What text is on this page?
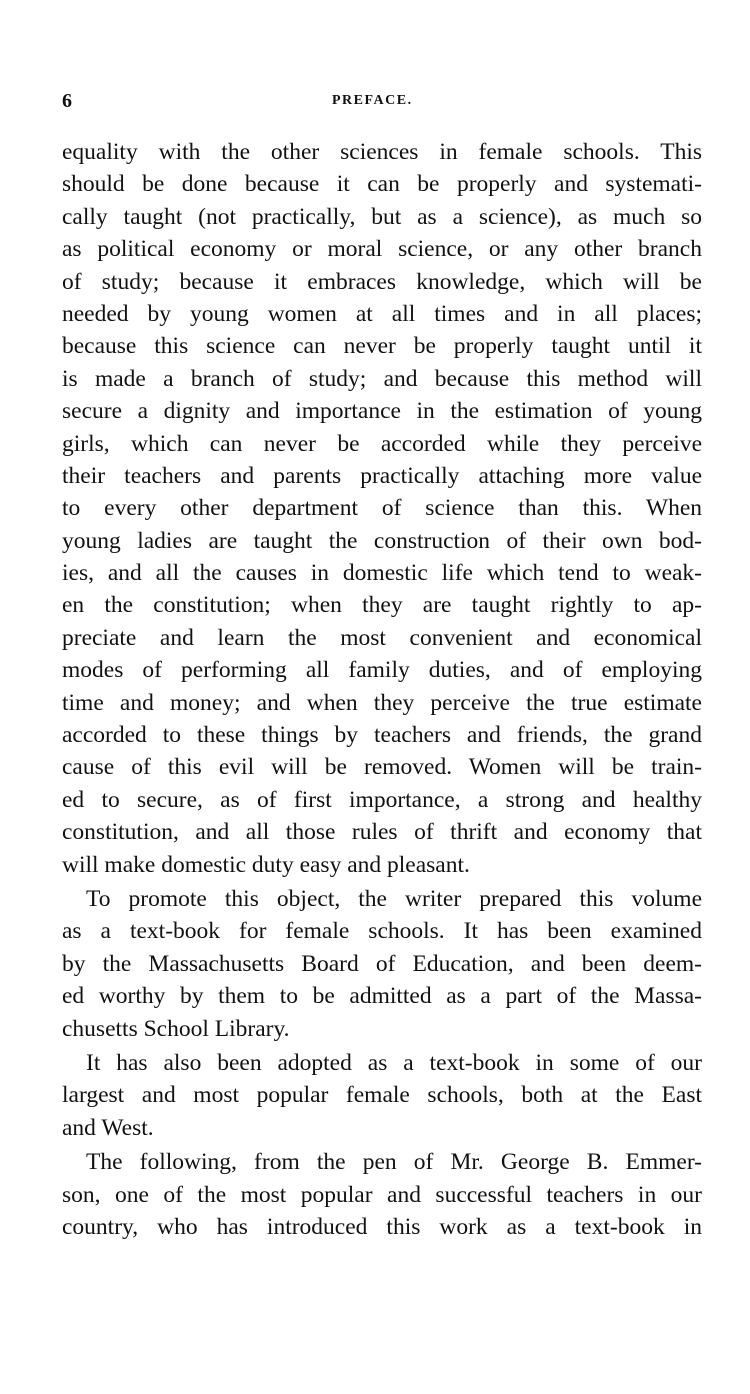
6	PREFACE.
equality with the other sciences in female schools. This
should be done because it can be properly and systemati-
cally taught (not practically, but as a science), as much so
as political economy or moral science, or any other branch
of study; because it embraces knowledge, which will be
needed by young women at all times and in all places;
because this science can never be properly taught until it
is made a branch of study; and because this method will
secure a dignity and importance in the estimation of young
girls, which can never be accorded while they perceive
their teachers and parents practically attaching more value
to every other department of science than this. When
young ladies are taught the construction of their own bod-
ies, and all the causes in domestic life which tend to weak-
en the constitution; when they are taught rightly to ap-
preciate and learn the most convenient and economical
modes of performing all family duties, and of employing
time and money; and when they perceive the true estimate
accorded to these things by teachers and friends, the grand
cause of this evil will be removed. Women will be train-
ed to secure, as of first importance, a strong and healthy
constitution, and all those rules of thrift and economy that
will make domestic duty easy and pleasant.
To promote this object, the writer prepared this volume
as a text-book for female schools. It has been examined
by the Massachusetts Board of Education, and been deem-
ed worthy by them to be admitted as a part of the Massa-
chusetts School Library.
It has also been adopted as a text-book in some of our
largest and most popular female schools, both at the East
and West.
The following, from the pen of Mr. George B. Emmer-
son, one of the most popular and successful teachers in our
country, who has introduced this work as a text-book in
